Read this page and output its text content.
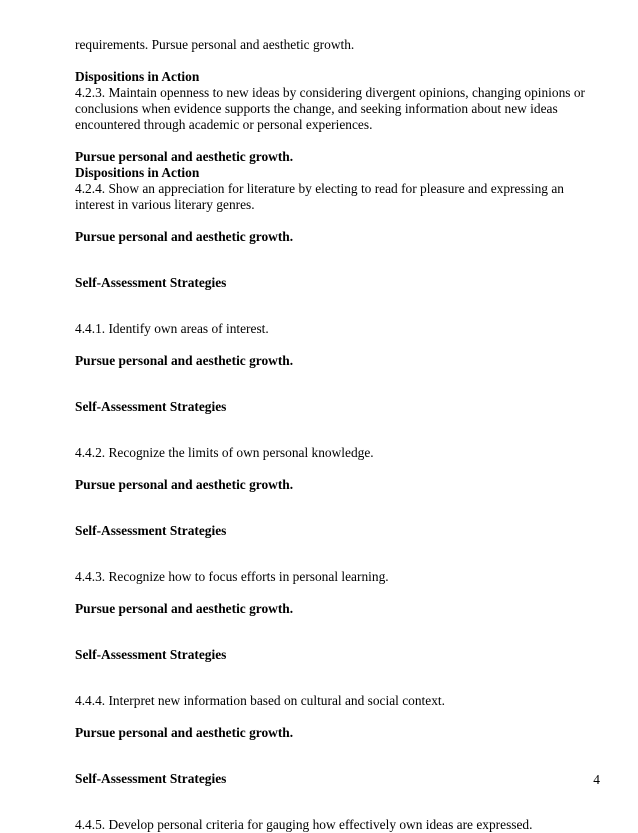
requirements. Pursue personal and aesthetic growth.

Dispositions in Action

4.2.3. Maintain openness to new ideas by considering divergent opinions, changing opinions or

conclusions when evidence supports the change, and seeking information about new ideas

encountered through academic or personal experiences.

Pursue personal and aesthetic growth.

Dispositions in Action

4.2.4. Show an appreciation for literature by electing to read for pleasure and expressing an

interest in various literary genres.

Pursue personal and aesthetic growth.

Self-Assessment Strategies

4.4.1. Identify own areas of interest.

Pursue personal and aesthetic growth.

Self-Assessment Strategies

4.4.2. Recognize the limits of own personal knowledge.

Pursue personal and aesthetic growth.

Self-Assessment Strategies

4.4.3. Recognize how to focus efforts in personal learning.

Pursue personal and aesthetic growth.

Self-Assessment Strategies

4.4.4. Interpret new information based on cultural and social context.

Pursue personal and aesthetic growth.

Self-Assessment Strategies

4.4.5. Develop personal criteria for gauging how effectively own ideas are expressed.

4
